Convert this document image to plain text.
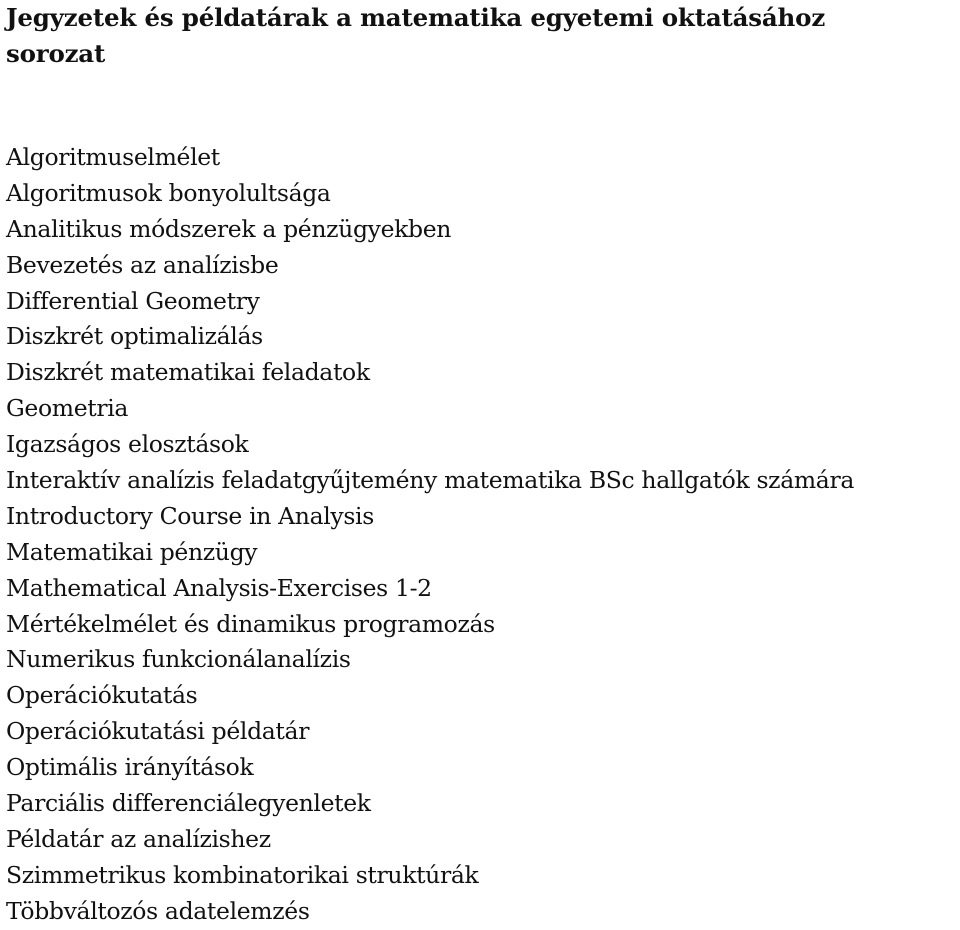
Jegyzetek és példatárak a matematika egyetemi oktatásához
sorozat
Algoritmuselmélet
Algoritmusok bonyolultsága
Analitikus módszerek a pénzügyekben
Bevezetés az analízisbe
Differential Geometry
Diszkrét optimalizálás
Diszkrét matematikai feladatok
Geometria
Igazságos elosztások
Interaktív analízis feladatgyűjtemény matematika BSc hallgatók számára
Introductory Course in Analysis
Matematikai pénzügy
Mathematical Analysis-Exercises 1-2
Mértékelmélet és dinamikus programozás
Numerikus funkcionálanalízis
Operációkutatás
Operációkutatási példatár
Optimális irányítások
Parciális differenciálegyenletek
Példatár az analízishez
Szimmetrikus kombinatorikai struktúrák
Többváltozós adatelemzés
